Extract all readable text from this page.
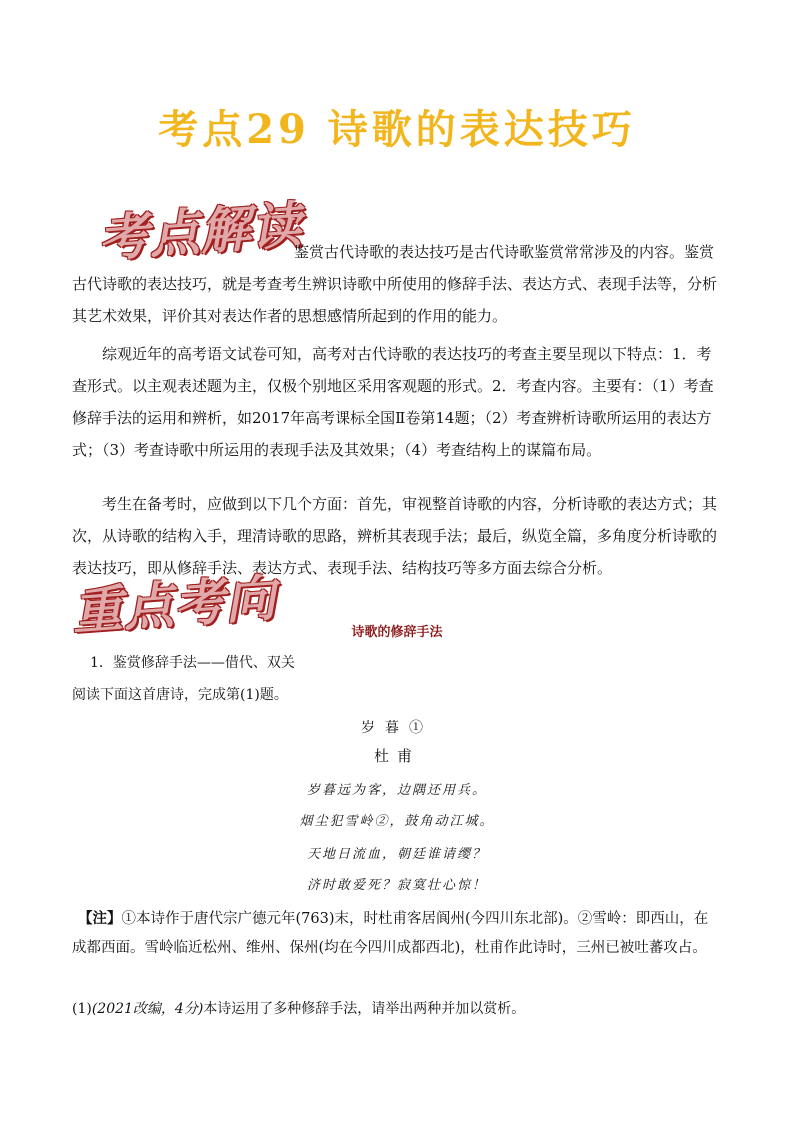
考点29 诗歌的表达技巧
考点解读
鉴赏古代诗歌的表达技巧是古代诗歌鉴赏常常涉及的内容。鉴赏古代诗歌的表达技巧，就是考查考生辨识诗歌中所使用的修辞手法、表达方式、表现手法等，分析其艺术效果，评价其对表达作者的思想感情所起到的作用的能力。
综观近年的高考语文试卷可知，高考对古代诗歌的表达技巧的考查主要呈现以下特点：1．考查形式。以主观表述题为主，仅极个别地区采用客观题的形式。2．考查内容。主要有：（1）考查修辞手法的运用和辨析，如2017年高考课标全国Ⅱ卷第14题；（2）考查辨析诗歌所运用的表达方式；（3）考查诗歌中所运用的表现手法及其效果；（4）考查结构上的谋篇布局。
考生在备考时，应做到以下几个方面：首先，审视整首诗歌的内容，分析诗歌的表达方式；其次，从诗歌的结构入手，理清诗歌的思路，辨析其表现手法；最后，纵览全篇，多角度分析诗歌的表达技巧，即从修辞手法、表达方式、表现手法、结构技巧等多方面去综合分析。
重点考向	诗歌的修辞手法
1．鉴赏修辞手法——借代、双关
阅读下面这首唐诗，完成第(1)题。
岁暮①
杜甫
岁暮远为客，边隅还用兵。
烟尘犯雪岭②，鼓角动江城。
天地日流血，朝廷谁请缨？
济时敢爱死？寂寞壮心惊！
【注】①本诗作于唐代宗广德元年(763)末，时杜甫客居阆州(今四川东北部)。②雪岭：即西山，在成都西面。雪岭临近松州、维州、保州(均在今四川成都西北)，杜甫作此诗时，三州已被吐蕃攻占。
(1)(2021改编，4分)本诗运用了多种修辞手法，请举出两种并加以赏析。
